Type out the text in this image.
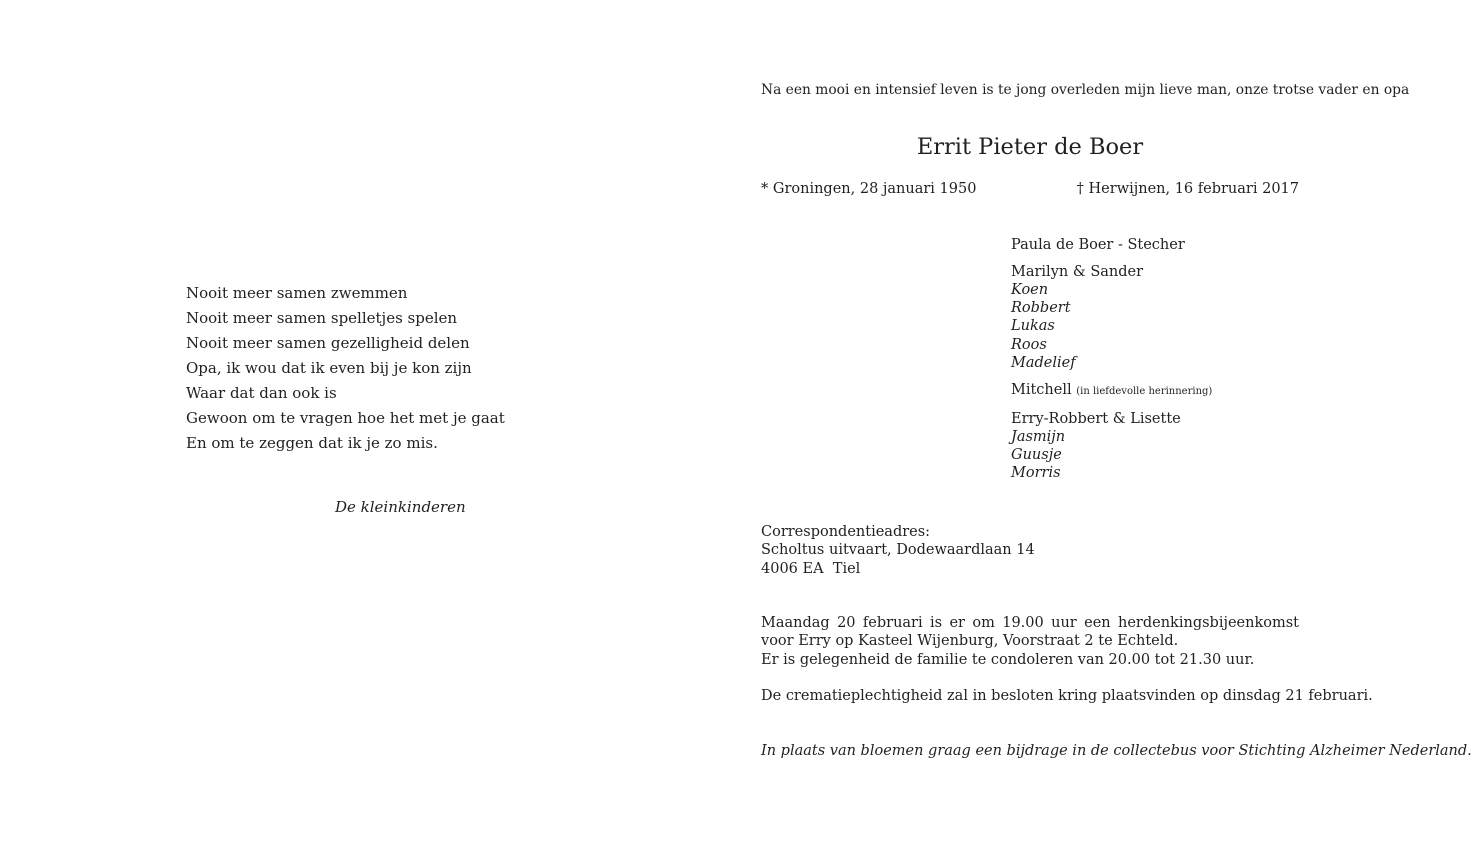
Nooit meer samen zwemmen
Nooit meer samen spelletjes spelen
Nooit meer samen gezelligheid delen
Opa, ik wou dat ik even bij je kon zijn
Waar dat dan ook is
Gewoon om te vragen hoe het met je gaat
En om te zeggen dat ik je zo mis.
De kleinkinderen
Na een mooi en intensief leven is te jong overleden mijn lieve man, onze trotse vader en opa
Errit Pieter de Boer
* Groningen, 28 januari 1950	† Herwijnen, 16 februari 2017
Paula de Boer - Stecher
Marilyn & Sander
Koen
Robbert
Lukas
Roos
Madelief
Mitchell (in liefdevolle herinnering)
Erry-Robbert & Lisette
Jasmijn
Guusje
Morris
Correspondentieadres:
Scholtus uitvaart, Dodewaardlaan 14
4006 EA  Tiel

Maandag 20 februari is er om 19.00 uur een herdenkingsbijeenkomst voor Erry op Kasteel Wijenburg, Voorstraat 2 te Echteld.

Er is gelegenheid de familie te condoleren van 20.00 tot 21.30 uur.

De crematieplechtigheid zal in besloten kring plaatsvinden op dinsdag 21 februari.
In plaats van bloemen graag een bijdrage in de collectebus voor Stichting Alzheimer Nederland.
